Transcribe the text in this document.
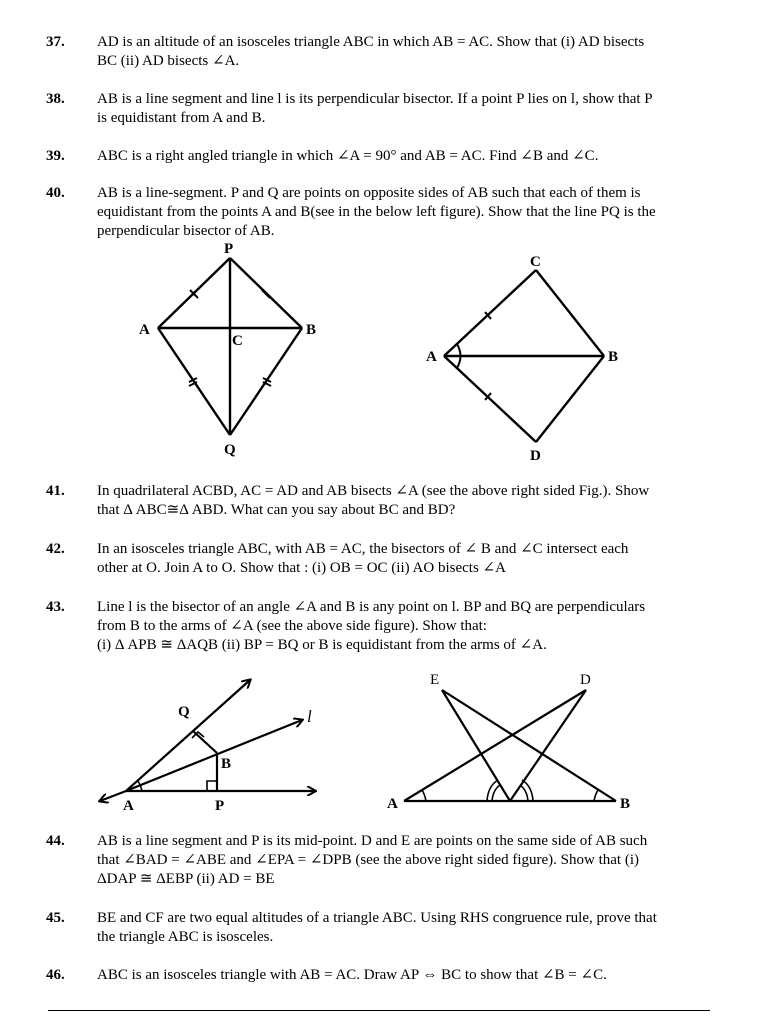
37. AD is an altitude of an isosceles triangle ABC in which AB = AC. Show that (i) AD bisects
BC (ii) AD bisects ∠A.
38. AB is a line segment and line l is its perpendicular bisector. If a point P lies on l, show that P
is equidistant from A and B.
39. ABC is a right angled triangle in which ∠A = 90° and AB = AC. Find ∠B and ∠C.
40. AB is a line-segment. P and Q are points on opposite sides of AB such that each of them is
equidistant from the points A and B(see in the below left figure). Show that the line PQ is the
perpendicular bisector of AB.
P
Q
A	B
C
C
A	B
D
41. In quadrilateral ACBD, AC = AD and AB bisects ∠A (see the above right sided Fig.). Show
that Δ ABC≅Δ ABD. What can you say about BC and BD?
42. In an isosceles triangle ABC, with AB = AC, the bisectors of ∠ B and ∠C intersect each
other at O. Join A to O. Show that : (i) OB = OC (ii) AO bisects ∠A
43. Line l is the bisector of an angle ∠A and B is any point on l. BP and BQ are perpendiculars
from B to the arms of ∠A (see the above side figure). Show that:
(i) Δ APB ≅ ΔAQB (ii) BP = BQ or B is equidistant from the arms of ∠A.
Q	l
B
A	P
E	D
A	B
44. AB is a line segment and P is its mid-point. D and E are points on the same side of AB such
that ∠BAD = ∠ABE and ∠EPA = ∠DPB (see the above right sided figure). Show that (i)
ΔDAP ≅ ΔEBP (ii) AD = BE
45. BE and CF are two equal altitudes of a triangle ABC. Using RHS congruence rule, prove that
the triangle ABC is isosceles.
46. ABC is an isosceles triangle with AB = AC. Draw AP ⇔ BC to show that ∠B = ∠C.
